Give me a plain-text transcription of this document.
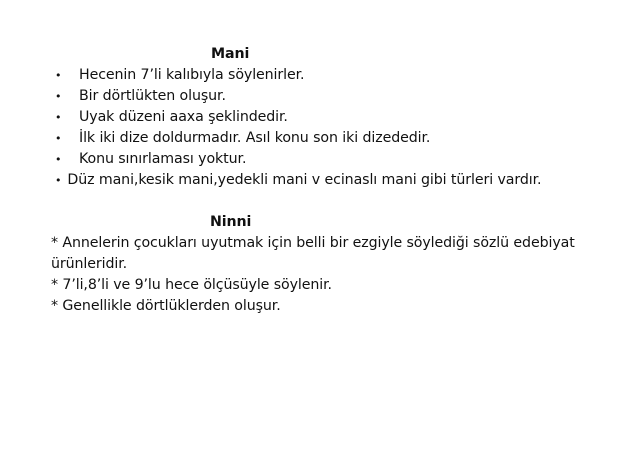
Mani
• Hecenin 7’li kalıbıyla söylenirler.
• Bir dörtlükten oluşur.
• Uyak düzeni aaxa şeklindedir.
• İlk iki dize doldurmadır. Asıl konu son iki dizededir.
• Konu sınırlaması yoktur.
• Düz mani,kesik mani,yedekli mani v ecinaslı mani gibi türleri vardır.
Ninni

* Annelerin çocukları uyutmak için belli bir ezgiyle söylediği sözlü edebiyat ürünleridir.

* 7’li,8’li ve 9’lu hece ölçüsüyle söylenir.

* Genellikle dörtlüklerden oluşur.
